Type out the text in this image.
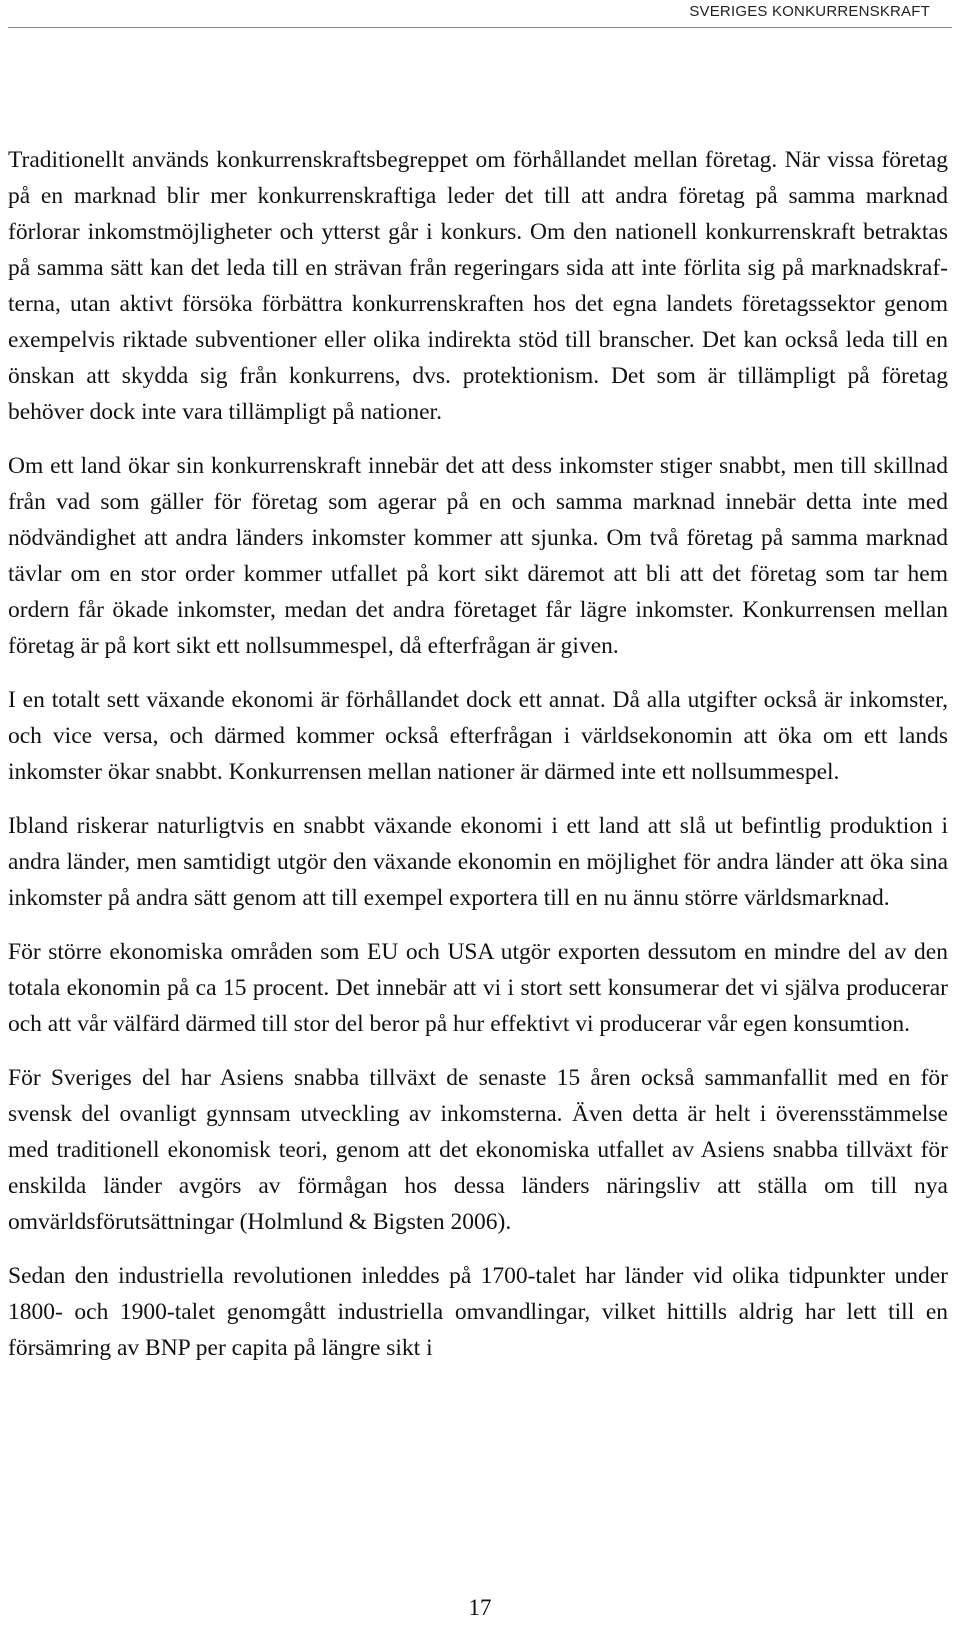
SVERIGES KONKURRENSKRAFT

Traditionellt används konkurrenskraftsbegreppet om förhållandet mellan företag. När vissa företag på en marknad blir mer konkurrenskraftiga leder det till att andra företag på samma marknad förlorar inkomstmöjligheter och ytterst går i konkurs. Om den nationell konkurrenskraft betraktas på samma sätt kan det leda till en strävan från regeringars sida att inte förlita sig på marknadskrafterna, utan aktivt försöka förbättra konkurrenskraften hos det egna landets företagssektor genom exempelvis riktade subventioner eller olika indirekta stöd till branscher. Det kan också leda till en önskan att skydda sig från konkurrens, dvs. protektionism. Det som är tillämpligt på företag behöver dock inte vara tillämpligt på nationer.

Om ett land ökar sin konkurrenskraft innebär det att dess inkomster stiger snabbt, men till skillnad från vad som gäller för företag som agerar på en och samma marknad innebär detta inte med nödvändighet att andra länders inkomster kommer att sjunka. Om två företag på samma marknad tävlar om en stor order kommer utfallet på kort sikt däremot att bli att det företag som tar hem ordern får ökade inkomster, medan det andra företaget får lägre inkomster. Konkurrensen mellan företag är på kort sikt ett nollsummespel, då efterfrågan är given.

I en totalt sett växande ekonomi är förhållandet dock ett annat. Då alla utgifter också är inkomster, och vice versa, och därmed kommer också efterfrågan i världsekonomin att öka om ett lands inkomster ökar snabbt. Konkurrensen mellan nationer är därmed inte ett nollsummespel.

Ibland riskerar naturligtvis en snabbt växande ekonomi i ett land att slå ut befintlig produktion i andra länder, men samtidigt utgör den växande ekonomin en möjlighet för andra länder att öka sina inkomster på andra sätt genom att till exempel exportera till en nu ännu större världsmarknad.

För större ekonomiska områden som EU och USA utgör exporten dessutom en mindre del av den totala ekonomin på ca 15 procent. Det innebär att vi i stort sett konsumerar det vi själva producerar och att vår välfärd därmed till stor del beror på hur effektivt vi producerar vår egen konsumtion.

För Sveriges del har Asiens snabba tillväxt de senaste 15 åren också sammanfallit med en för svensk del ovanligt gynnsam utveckling av inkomsterna. Även detta är helt i överensstämmelse med traditionell ekonomisk teori, genom att det ekonomiska utfallet av Asiens snabba tillväxt för enskilda länder avgörs av förmågan hos dessa länders näringsliv att ställa om till nya omvärldsförutsättningar (Holmlund & Bigsten 2006).

Sedan den industriella revolutionen inleddes på 1700-talet har länder vid olika tidpunkter under 1800- och 1900-talet genomgått industriella omvandlingar, vilket hittills aldrig har lett till en försämring av BNP per capita på längre sikt i

17
